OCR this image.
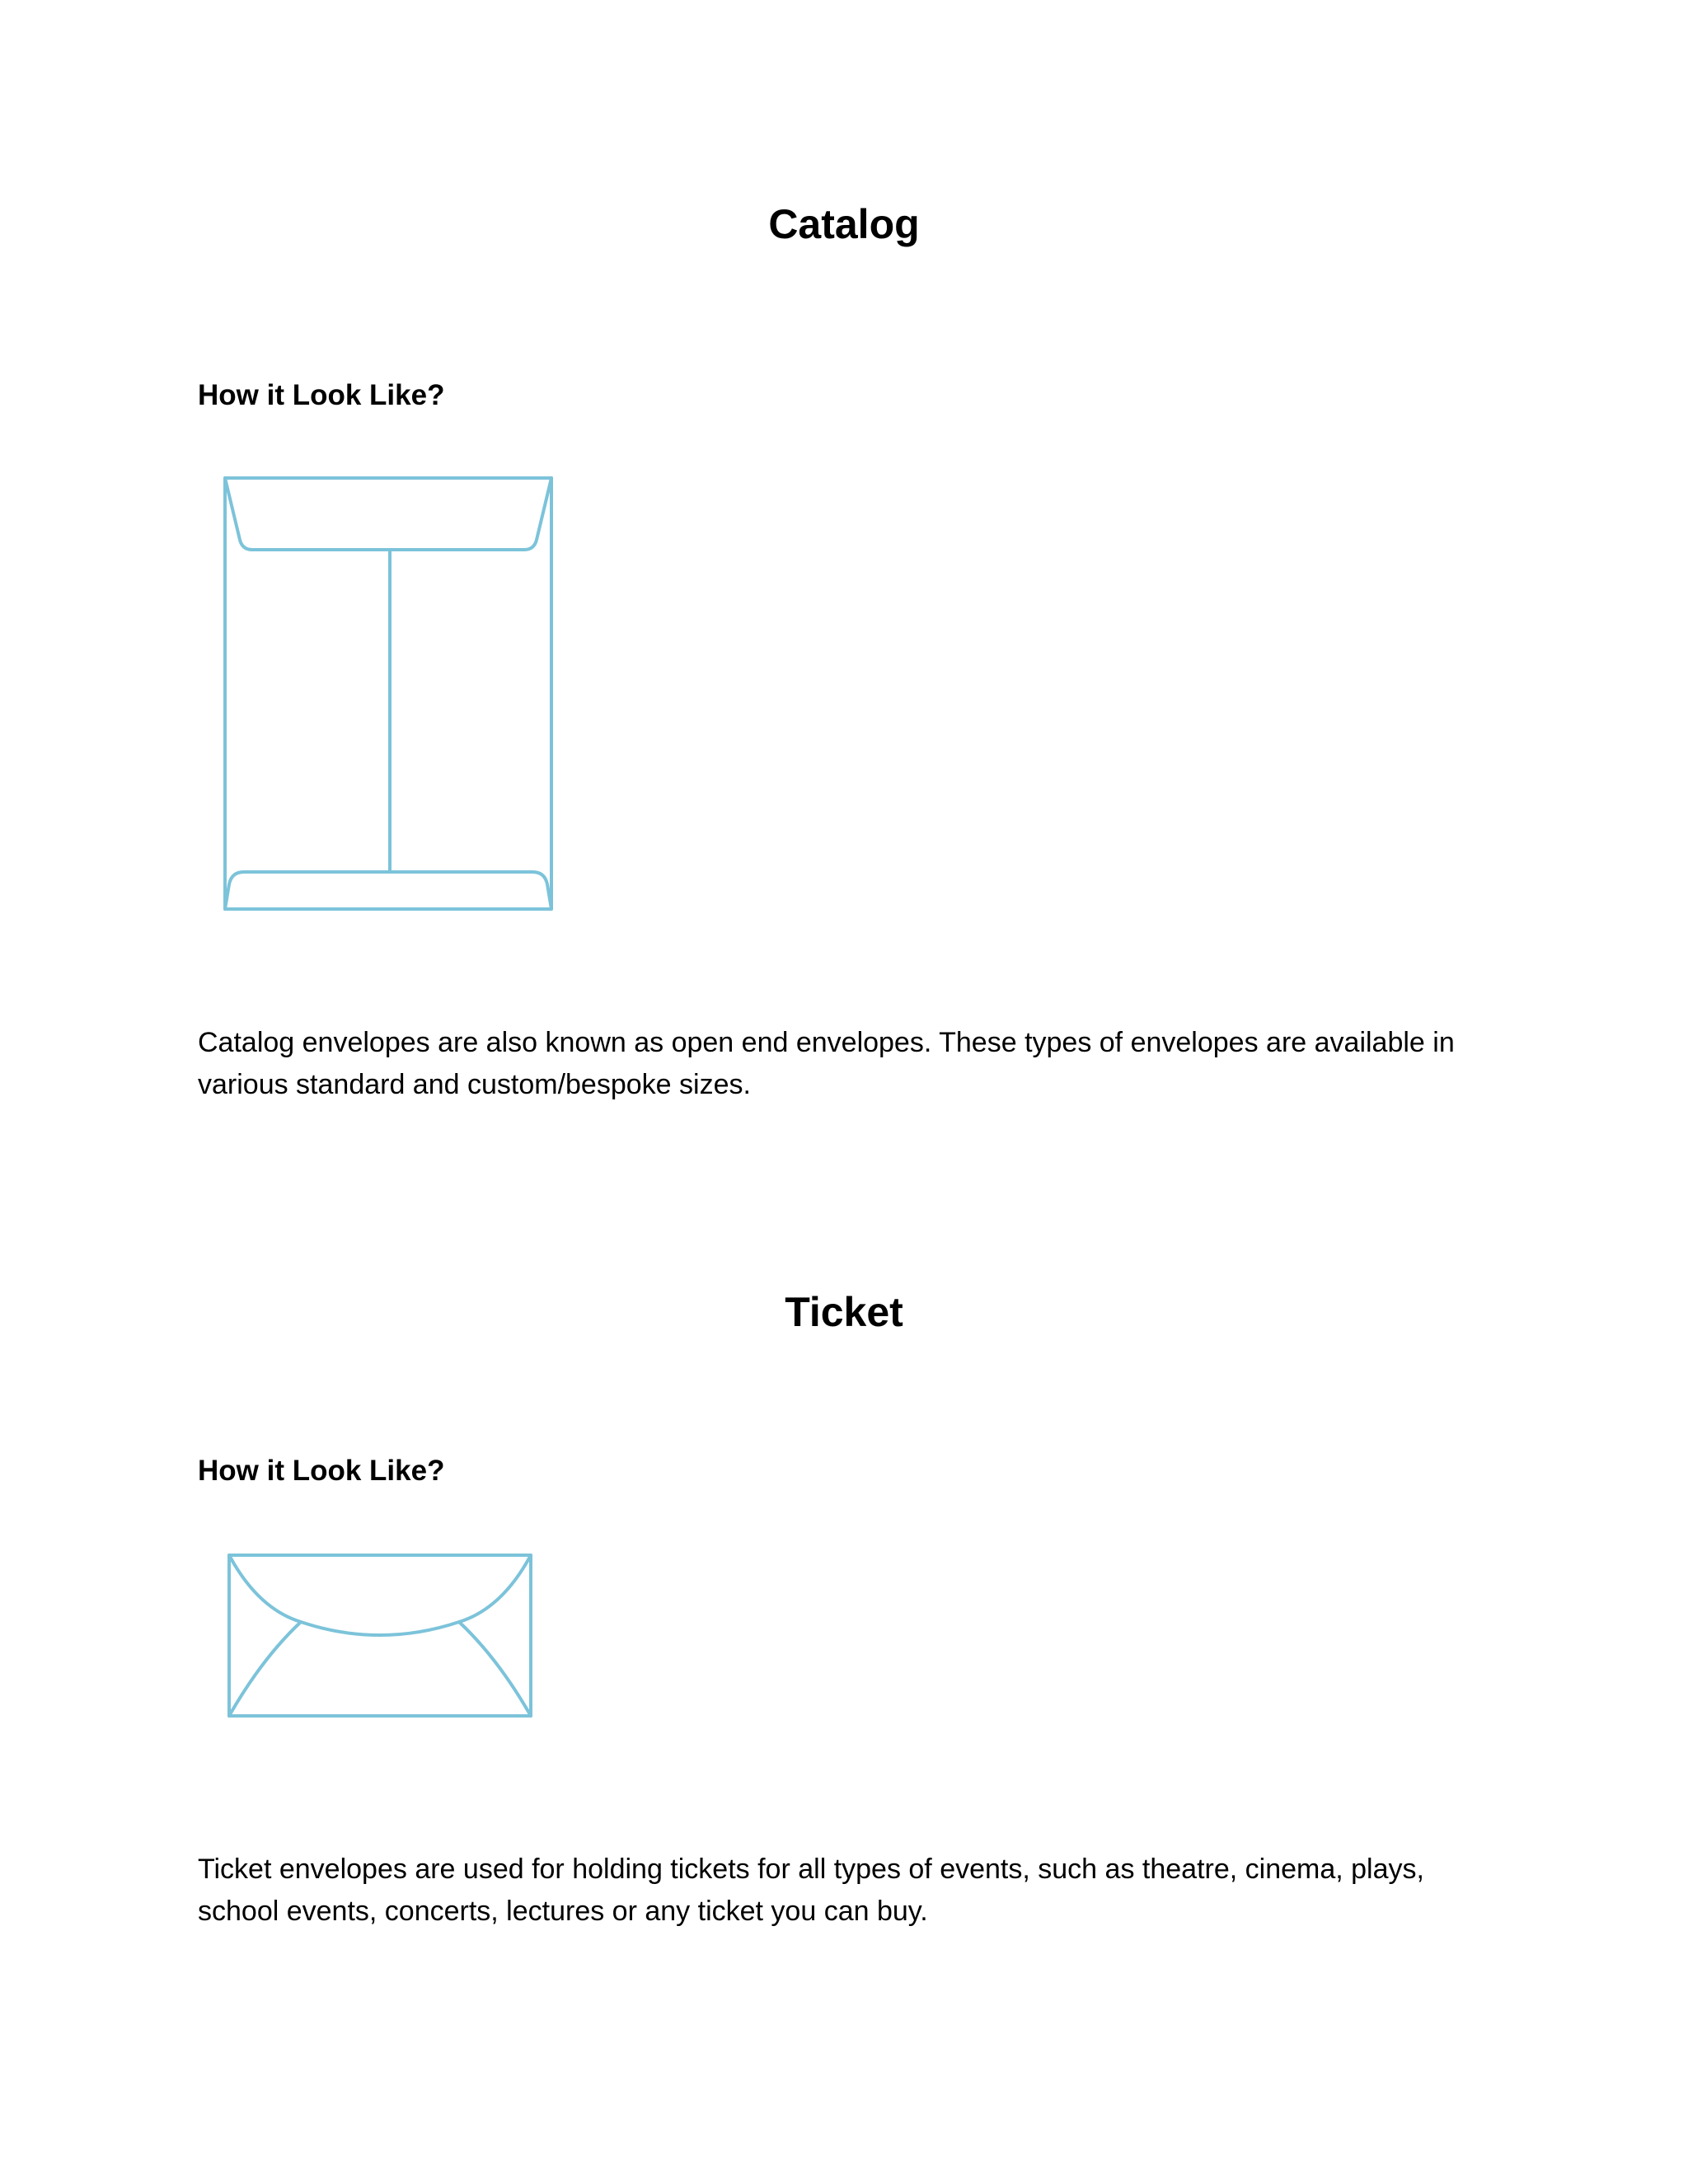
Catalog
How it Look Like?

Catalog envelopes are also known as open end envelopes. These types of envelopes are available in various standard and custom/bespoke sizes.

Ticket
How it Look Like?

Ticket envelopes are used for holding tickets for all types of events, such as theatre, cinema, plays, school events, concerts, lectures or any ticket you can buy.
